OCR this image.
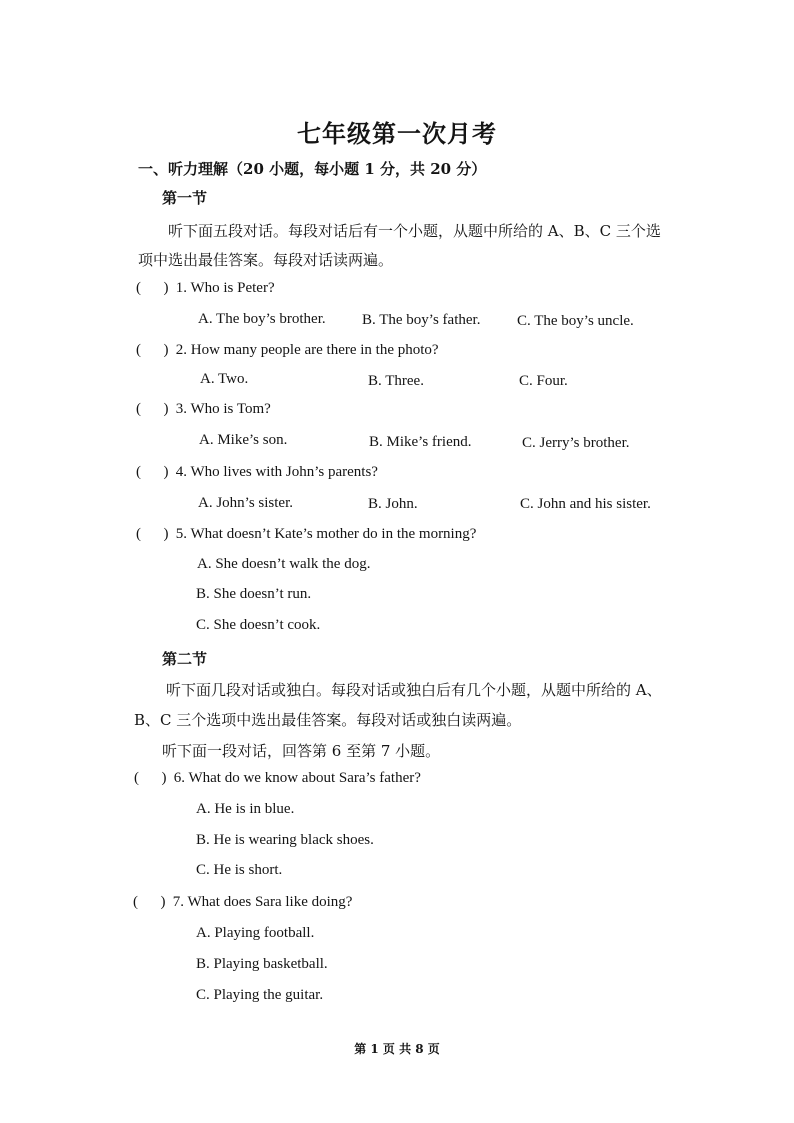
七年级第一次月考
一、听力理解（20 小题，每小题 1 分，共 20 分）
第一节
听下面五段对话。每段对话后有一个小题，从题中所给的 A、B、C 三个选
项中选出最佳答案。每段对话读两遍。
( ) 1. Who is Peter?
A. The boy’s brother. B. The boy’s father. C. The boy’s uncle.
( ) 2. How many people are there in the photo?
A. Two.	B. Three.	C. Four.
( ) 3. Who is Tom?
A. Mike’s son.	B. Mike’s friend.	C. Jerry’s brother.
( ) 4. Who lives with John’s parents?
A. John’s sister.	B. John.	C. John and his sister.
( ) 5. What doesn’t Kate’s mother do in the morning?
A. She doesn’t walk the dog.
B. She doesn’t run.
C. She doesn’t cook.
第二节
听下面几段对话或独白。每段对话或独白后有几个小题，从题中所给的 A、
B、C 三个选项中选出最佳答案。每段对话或独白读两遍。
听下面一段对话，回答第 6 至第 7 小题。
( ) 6. What do we know about Sara’s father?
A. He is in blue.
B. He is wearing black shoes.
C. He is short.
( ) 7. What does Sara like doing?
A. Playing football.
B. Playing basketball.
C. Playing the guitar.
第 1 页 共 8 页
